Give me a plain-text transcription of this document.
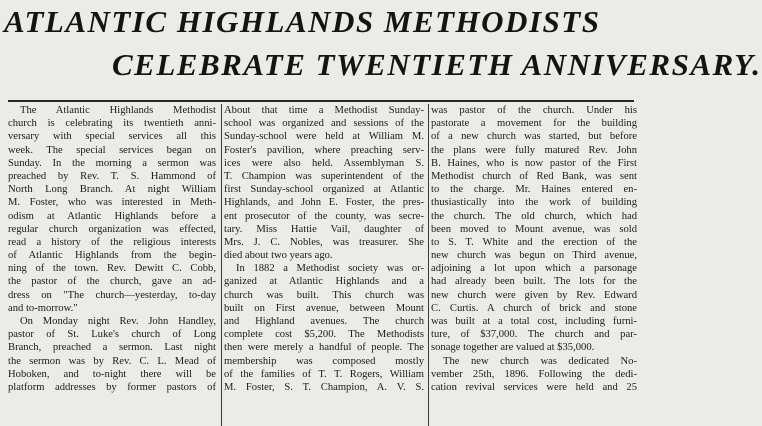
ATLANTIC HIGHLANDS METHODISTS
CELEBRATE TWENTIETH ANNIVERSARY.
The Atlantic Highlands Methodist
church is celebrating its twentieth anni-
versary with special services all this
week. The special services began on
Sunday. In the morning a sermon was
preached by Rev. T. S. Hammond of
North Long Branch. At night William
M. Foster, who was interested in Meth-
odism at Atlantic Highlands before a
regular church organization was effected,
read a history of the religious interests
of Atlantic Highlands from the begin-
ning of the town. Rev. Dewitt C. Cobb,
the pastor of the church, gave an ad-
dress on "The church—yesterday, to-day
and to-morrow."
On Monday night Rev. John Handley,
pastor of St. Luke's church of Long
Branch, preached a sermon. Last night
the sermon was by Rev. C. L. Mead of
Hoboken, and to-night there will be
platform addresses by former pastors of
About that time a Methodist Sunday-
school was organized and sessions of the
Sunday-school were held at William M.
Foster's pavilion, where preaching serv-
ices were also held. Assemblyman S.
T. Champion was superintendent of the
first Sunday-school organized at Atlantic
Highlands, and John E. Foster, the pres-
ent prosecutor of the county, was secre-
tary. Miss Hattie Vail, daughter of
Mrs. J. C. Nobles, was treasurer. She
died about two years ago.
In 1882 a Methodist society was or-
ganized at Atlantic Highlands and a
church was built. This church was
built on First avenue, between Mount
and Highland avenues. The church
complete cost $5,200. The Methodists
then were merely a handful of people. The
membership was composed mostly
of the families of T. T. Rogers, William
M. Foster, S. T. Champion, A. V. S.
was pastor of the church. Under his
pastorate a movement for the building
of a new church was started, but before
the plans were fully matured Rev. John
B. Haines, who is now pastor of the First
Methodist church of Red Bank, was sent
to the charge. Mr. Haines entered en-
thusiastically into the work of building
the church. The old church, which had
been moved to Mount avenue, was sold
to S. T. White and the erection of the
new church was begun on Third avenue,
adjoining a lot upon which a parsonage
had already been built. The lots for the
new church were given by Rev. Edward
C. Curtis. A church of brick and stone
was built at a total cost, including furni-
ture, of $37,000. The church and par-
sonage together are valued at $35,000.
The new church was dedicated No-
vember 25th, 1896. Following the dedi-
cation revival services were held and 25
